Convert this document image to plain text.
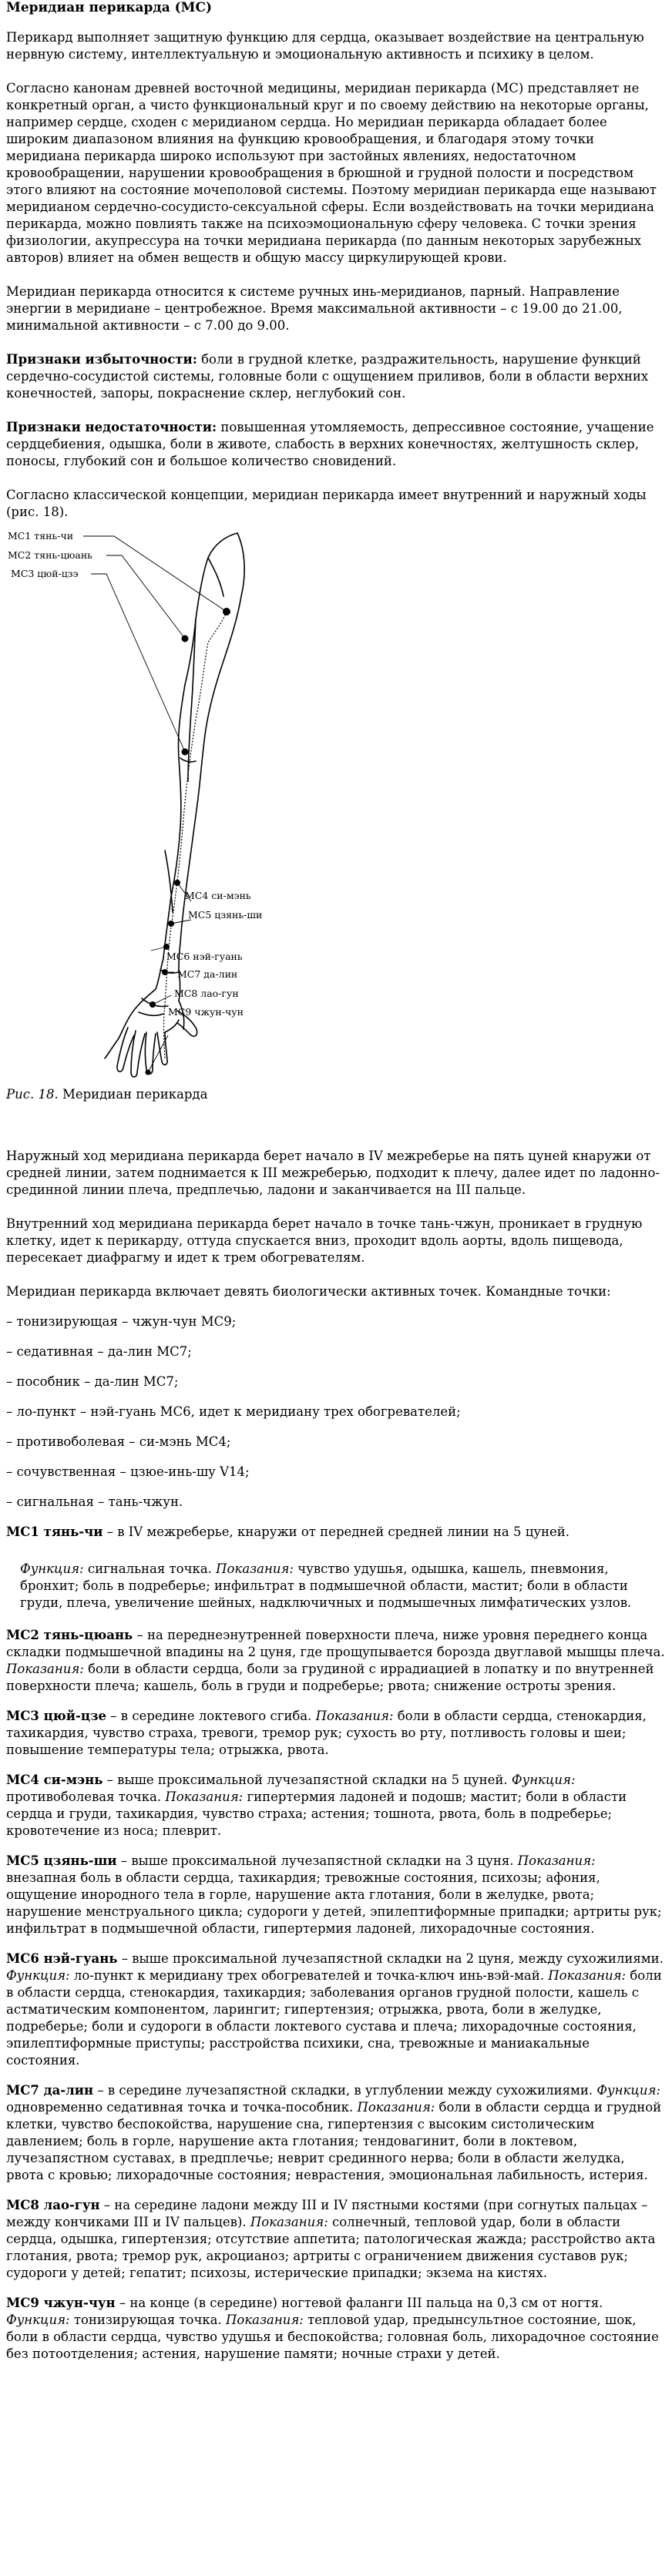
Меридиан перикарда (МС)

Перикард выполняет защитную функцию для сердца, оказывает воздействие на центральную нервную систему, интеллектуальную и эмоциональную активность и психику в целом.

Согласно канонам древней восточной медицины, меридиан перикарда (МС) представляет не конкретный орган, а чисто функциональный круг и по своему действию на некоторые органы, например сердце, сходен с меридианом сердца. Но меридиан перикарда обладает более широким диапазоном влияния на функцию кровообращения, и благодаря этому точки меридиана перикарда широко используют при застойных явлениях, недостаточном кровообращении, нарушении кровообращения в брюшной и грудной полости и посредством этого влияют на состояние мочеполовой системы. Поэтому меридиан перикарда еще называют меридианом сердечно-сосудисто-сексуальной сферы. Если воздействовать на точки меридиана перикарда, можно повлиять также на психоэмоциональную сферу человека. С точки зрения физиологии, акупрессура на точки меридиана перикарда (по данным некоторых зарубежных авторов) влияет на обмен веществ и общую массу циркулирующей крови.

Меридиан перикарда относится к системе ручных инь-меридианов, парный. Направление энергии в меридиане – центробежное. Время максимальной активности – с 19.00 до 21.00, минимальной активности – с 7.00 до 9.00.

Признаки избыточности: боли в грудной клетке, раздражительность, нарушение функций сердечно-сосудистой системы, головные боли с ощущением приливов, боли в области верхних конечностей, запоры, покраснение склер, неглубокий сон.

Признаки недостаточности: повышенная утомляемость, депрессивное состояние, учащение сердцебиения, одышка, боли в животе, слабость в верхних конечностях, желтушность склер, поносы, глубокий сон и большое количество сновидений.

Согласно классической концепции, меридиан перикарда имеет внутренний и наружный ходы (рис. 18).

МС1 тянь-чи
МС2 тянь-цюань
МС3 цюй-цзэ
МС4 си-мэнь
МС5 цзянь-ши
МС6 нэй-гуань
МС7 да-лин
МС8 лао-гун
МС9 чжун-чун

Рис. 18. Меридиан перикарда

Наружный ход меридиана перикарда берет начало в IV межреберье на пять цуней кнаружи от средней линии, затем поднимается к III межреберью, подходит к плечу, далее идет по ладонно-срединной линии плеча, предплечью, ладони и заканчивается на III пальце.

Внутренний ход меридиана перикарда берет начало в точке тань-чжун, проникает в грудную клетку, идет к перикарду, оттуда спускается вниз, проходит вдоль аорты, вдоль пищевода, пересекает диафрагму и идет к трем обогревателям.

Меридиан перикарда включает девять биологически активных точек. Командные точки:

– тонизирующая – чжун-чун МС9;
– седативная – да-лин МС7;
– пособник – да-лин МС7;
– ло-пункт – нэй-гуань МС6, идет к меридиану трех обогревателей;
– противоболевая – си-мэнь МС4;
– сочувственная – цзюе-инь-шу V14;
– сигнальная – тань-чжун.

МС1 тянь-чи – в IV межреберье, кнаружи от передней средней линии на 5 цуней.

Функция: сигнальная точка. Показания: чувство удушья, одышка, кашель, пневмония, бронхит; боль в подреберье; инфильтрат в подмышечной области, мастит; боли в области груди, плеча, увеличение шейных, надключичных и подмышечных лимфатических узлов.

МС2 тянь-цюань – на переднеэнутренней поверхности плеча, ниже уровня переднего конца складки подмышечной впадины на 2 цуня, где прощупывается борозда двуглавой мышцы плеча. Показания: боли в области сердца, боли за грудиной с иррадиацией в лопатку и по внутренней поверхности плеча; кашель, боль в груди и подреберье; рвота; снижение остроты зрения.

МС3 цюй-цзе – в середине локтевого сгиба. Показания: боли в области сердца, стенокардия, тахикардия, чувство страха, тревоги, тремор рук; сухость во рту, потливость головы и шеи; повышение температуры тела; отрыжка, рвота.

МС4 си-мэнь – выше проксимальной лучезапястной складки на 5 цуней. Функция: противоболевая точка. Показания: гипертермия ладоней и подошв; мастит; боли в области сердца и груди, тахикардия, чувство страха; астения; тошнота, рвота, боль в подреберье; кровотечение из носа; плеврит.

МС5 цзянь-ши – выше проксимальной лучезапястной складки на 3 цуня. Показания: внезапная боль в области сердца, тахикардия; тревожные состояния, психозы; афония, ощущение инородного тела в горле, нарушение акта глотания, боли в желудке, рвота; нарушение менструального цикла; судороги у детей, эпилептиформные припадки; артриты рук; инфильтрат в подмышечной области, гипертермия ладоней, лихорадочные состояния.

МС6 нэй-гуань – выше проксимальной лучезапястной складки на 2 цуня, между сухожилиями. Функция: ло-пункт к меридиану трех обогревателей и точка-ключ инь-вэй-май. Показания: боли в области сердца, стенокардия, тахикардия; заболевания органов грудной полости, кашель с астматическим компонентом, ларингит; гипертензия; отрыжка, рвота, боли в желудке, подреберье; боли и судороги в области локтевого сустава и плеча; лихорадочные состояния, эпилептиформные приступы; расстройства психики, сна, тревожные и маниакальные состояния.

МС7 да-лин – в середине лучезапястной складки, в углублении между сухожилиями. Функция: одновременно седативная точка и точка-пособник. Показания: боли в области сердца и грудной клетки, чувство беспокойства, нарушение сна, гипертензия с высоким систолическим давлением; боль в горле, нарушение акта глотания; тендовагинит, боли в локтевом, лучезапястном суставах, в предплечье; неврит срединного нерва; боли в области желудка, рвота с кровью; лихорадочные состояния; неврастения, эмоциональная лабильность, истерия.

МС8 лао-гун – на середине ладони между III и IV пястными костями (при согнутых пальцах – между кончиками III и IV пальцев). Показания: солнечный, тепловой удар, боли в области сердца, одышка, гипертензия; отсутствие аппетита; патологическая жажда; расстройство акта глотания, рвота; тремор рук, акроцианоз; артриты с ограничением движения суставов рук; судороги у детей; гепатит; психозы, истерические припадки; экзема на кистях.

МС9 чжун-чун – на конце (в середине) ногтевой фаланги III пальца на 0,3 см от ногтя. Функция: тонизирующая точка. Показания: тепловой удар, предынсультное состояние, шок, боли в области сердца, чувство удушья и беспокойства; головная боль, лихорадочное состояние без потоотделения; астения, нарушение памяти; ночные страхи у детей.
